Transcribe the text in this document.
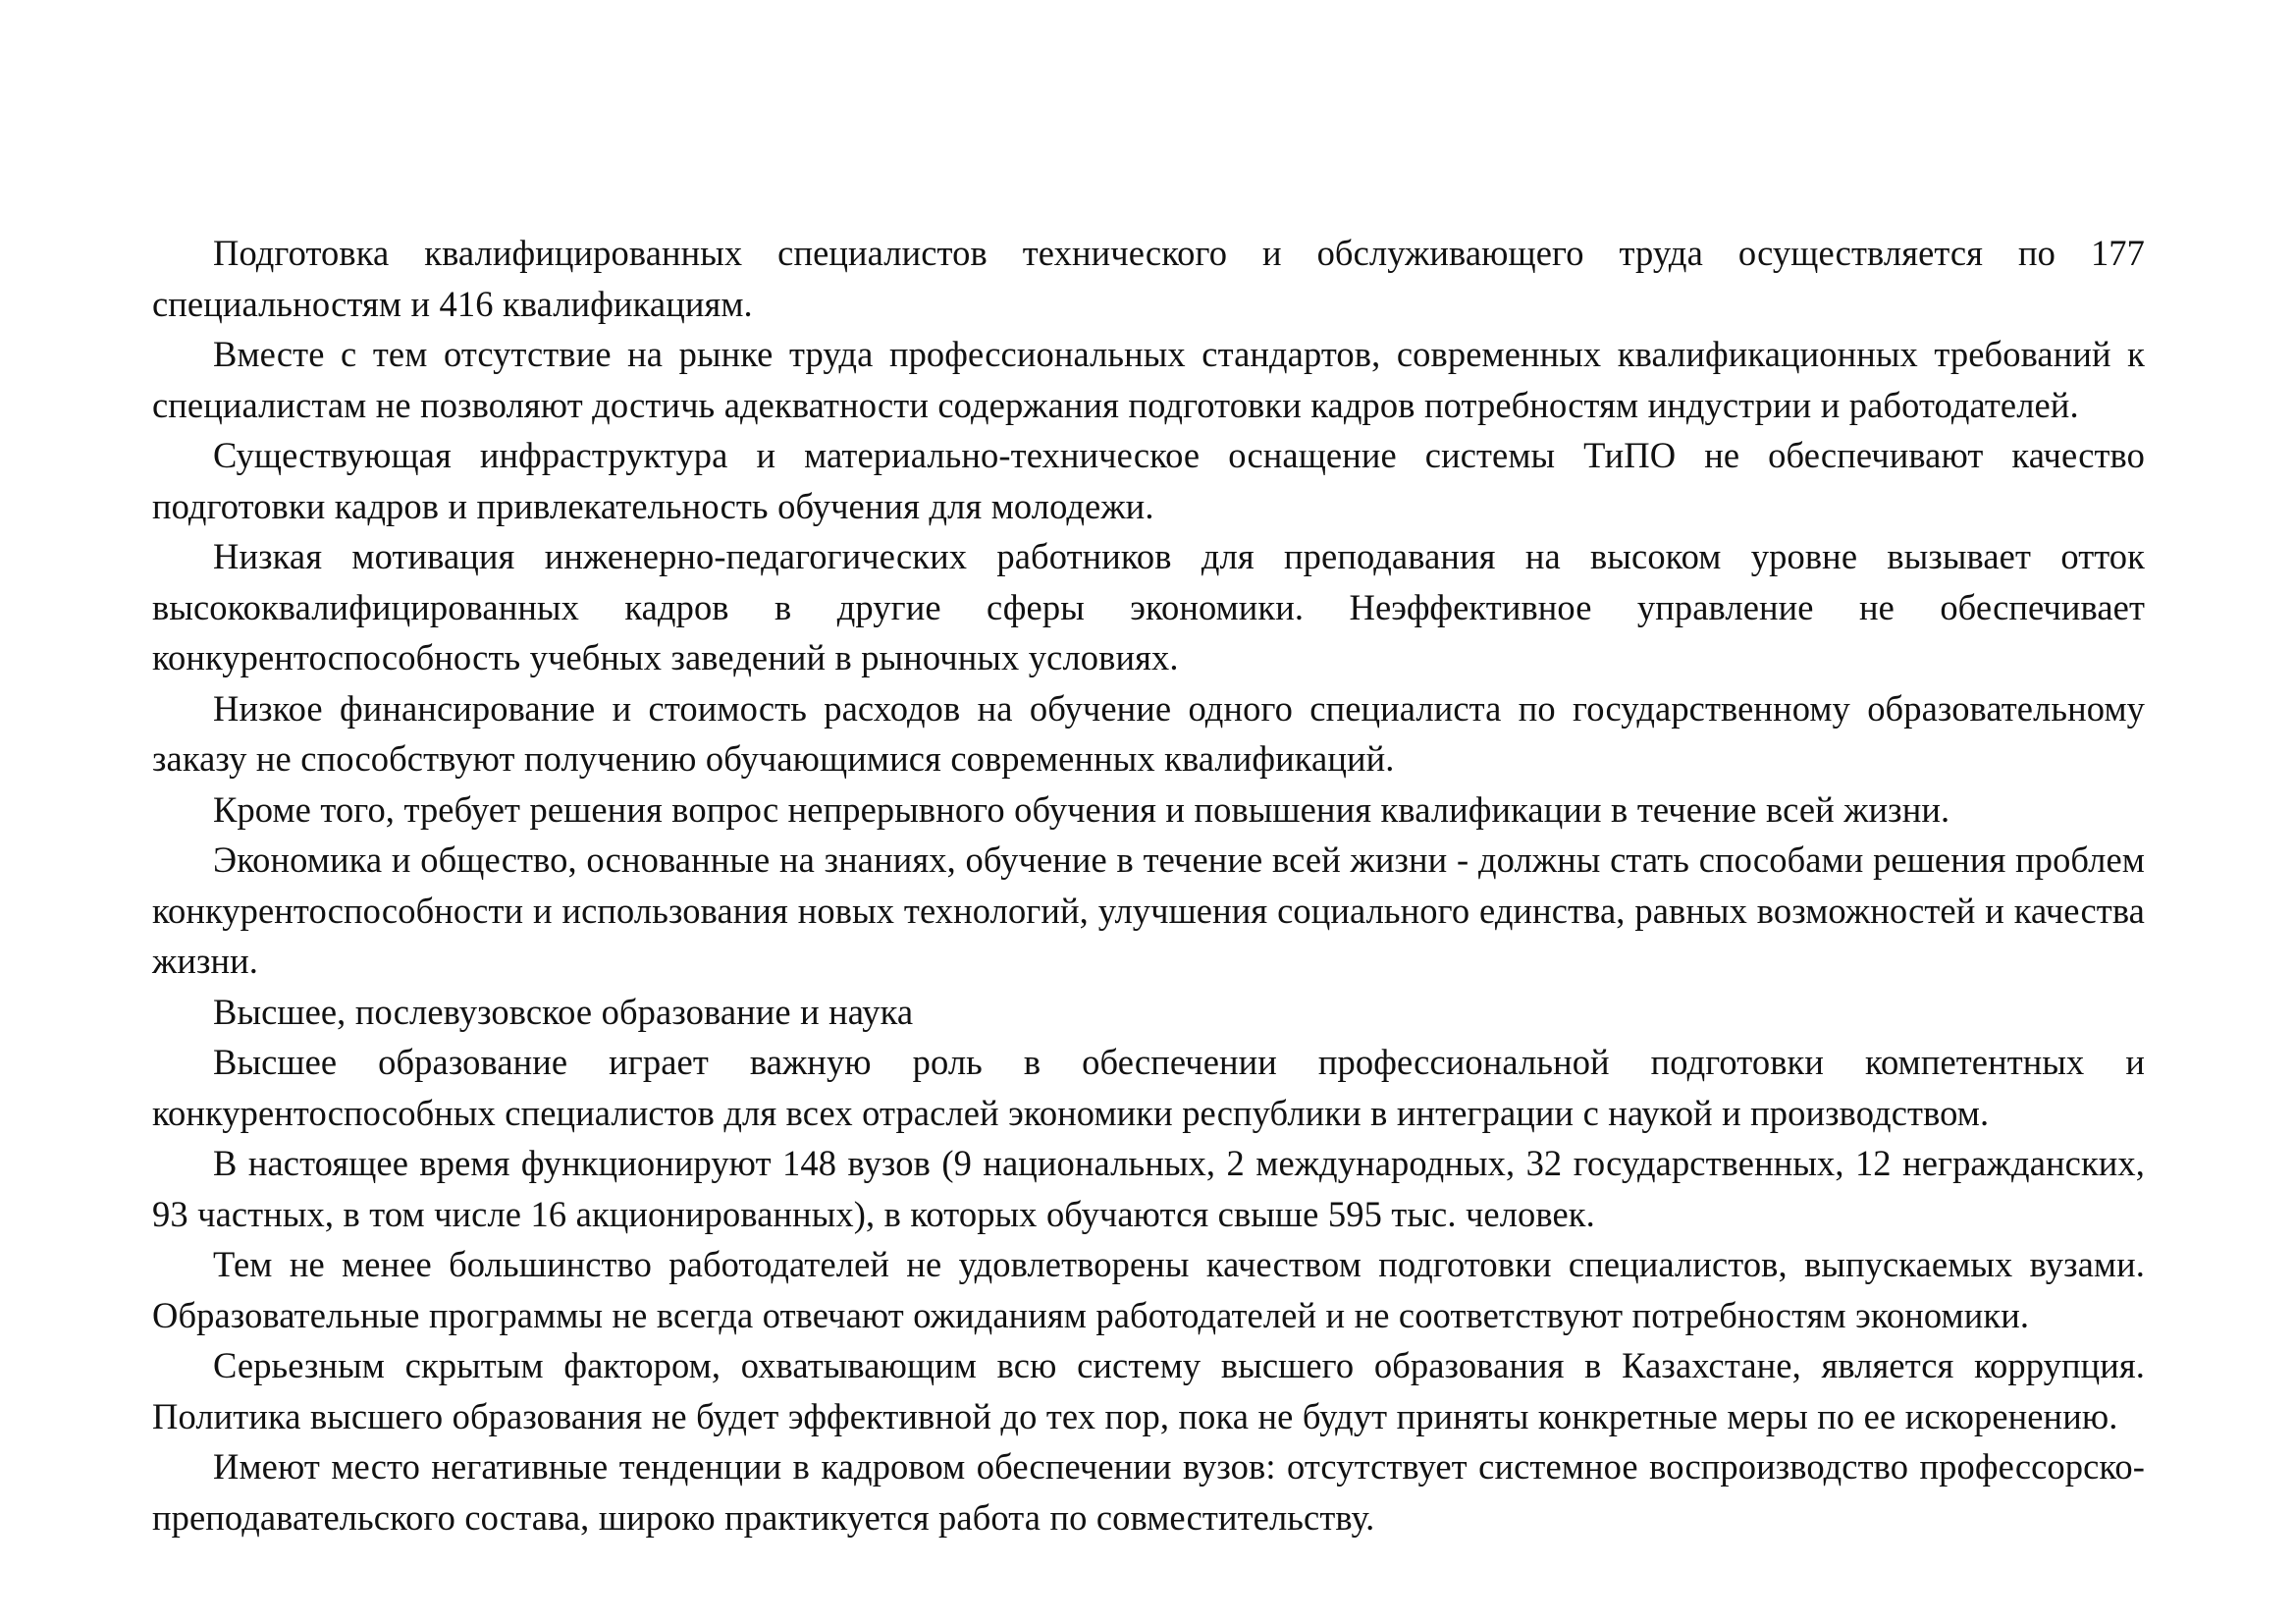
Подготовка квалифицированных специалистов технического и обслуживающего труда осуществляется по 177 специальностям и 416 квалификациям.

Вместе с тем отсутствие на рынке труда профессиональных стандартов, современных квалификационных требований к специалистам не позволяют достичь адекватности содержания подготовки кадров потребностям индустрии и работодателей.

Существующая инфраструктура и материально-техническое оснащение системы ТиПО не обеспечивают качество подготовки кадров и привлекательность обучения для молодежи.

Низкая мотивация инженерно-педагогических работников для преподавания на высоком уровне вызывает отток высококвалифицированных кадров в другие сферы экономики. Неэффективное управление не обеспечивает конкурентоспособность учебных заведений в рыночных условиях.

Низкое финансирование и стоимость расходов на обучение одного специалиста по государственному образовательному заказу не способствуют получению обучающимися современных квалификаций.

Кроме того, требует решения вопрос непрерывного обучения и повышения квалификации в течение всей жизни.

Экономика и общество, основанные на знаниях, обучение в течение всей жизни - должны стать способами решения проблем конкурентоспособности и использования новых технологий, улучшения социального единства, равных возможностей и качества жизни.

Высшее, послевузовское образование и наука

Высшее образование играет важную роль в обеспечении профессиональной подготовки компетентных и конкурентоспособных специалистов для всех отраслей экономики республики в интеграции с наукой и производством.

В настоящее время функционируют 148 вузов (9 национальных, 2 международных, 32 государственных, 12 негражданских, 93 частных, в том числе 16 акционированных), в которых обучаются свыше 595 тыс. человек.

Тем не менее большинство работодателей не удовлетворены качеством подготовки специалистов, выпускаемых вузами. Образовательные программы не всегда отвечают ожиданиям работодателей и не соответствуют потребностям экономики.

Серьезным скрытым фактором, охватывающим всю систему высшего образования в Казахстане, является коррупция. Политика высшего образования не будет эффективной до тех пор, пока не будут приняты конкретные меры по ее искоренению.

Имеют место негативные тенденции в кадровом обеспечении вузов: отсутствует системное воспроизводство профессорско-преподавательского состава, широко практикуется работа по совместительству.
